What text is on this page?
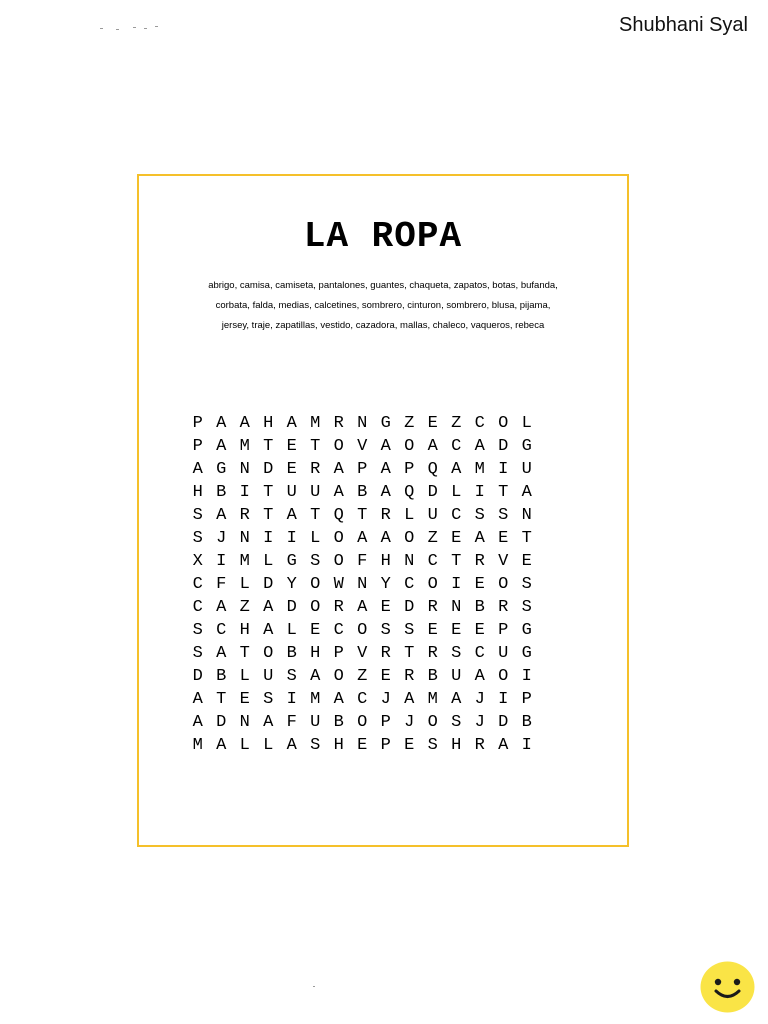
Shubhani Syal
LA ROPA
abrigo, camisa, camiseta, pantalones, guantes, chaqueta, zapatos, botas, bufanda,
corbata, falda, medias, calcetines, sombrero, cinturon, sombrero, blusa, pijama,
jersey, traje, zapatillas, vestido, cazadora, mallas, chaleco, vaqueros, rebeca
P A A H A M R N G Z E Z C O L
P A M T E T O V A O A C A D G
A G N D E R A P A P Q A M I U
H B I T U U A B A Q D L I T A
S A R T A T Q T R L U C S S N
S J N I I L O A A O Z E A E T
X I M L G S O F H N C T R V E
C F L D Y O W N Y C O I E O S
C A Z A D O R A E D R N B R S
S C H A L E C O S S E E E P G
S A T O B H P V R T R S C U G
D B L U S A O Z E R B U A O I
A T E S I M A C J A M A J I P
A D N A F U B O P J O S J D B
M A L L A S H E P E S H R A I
